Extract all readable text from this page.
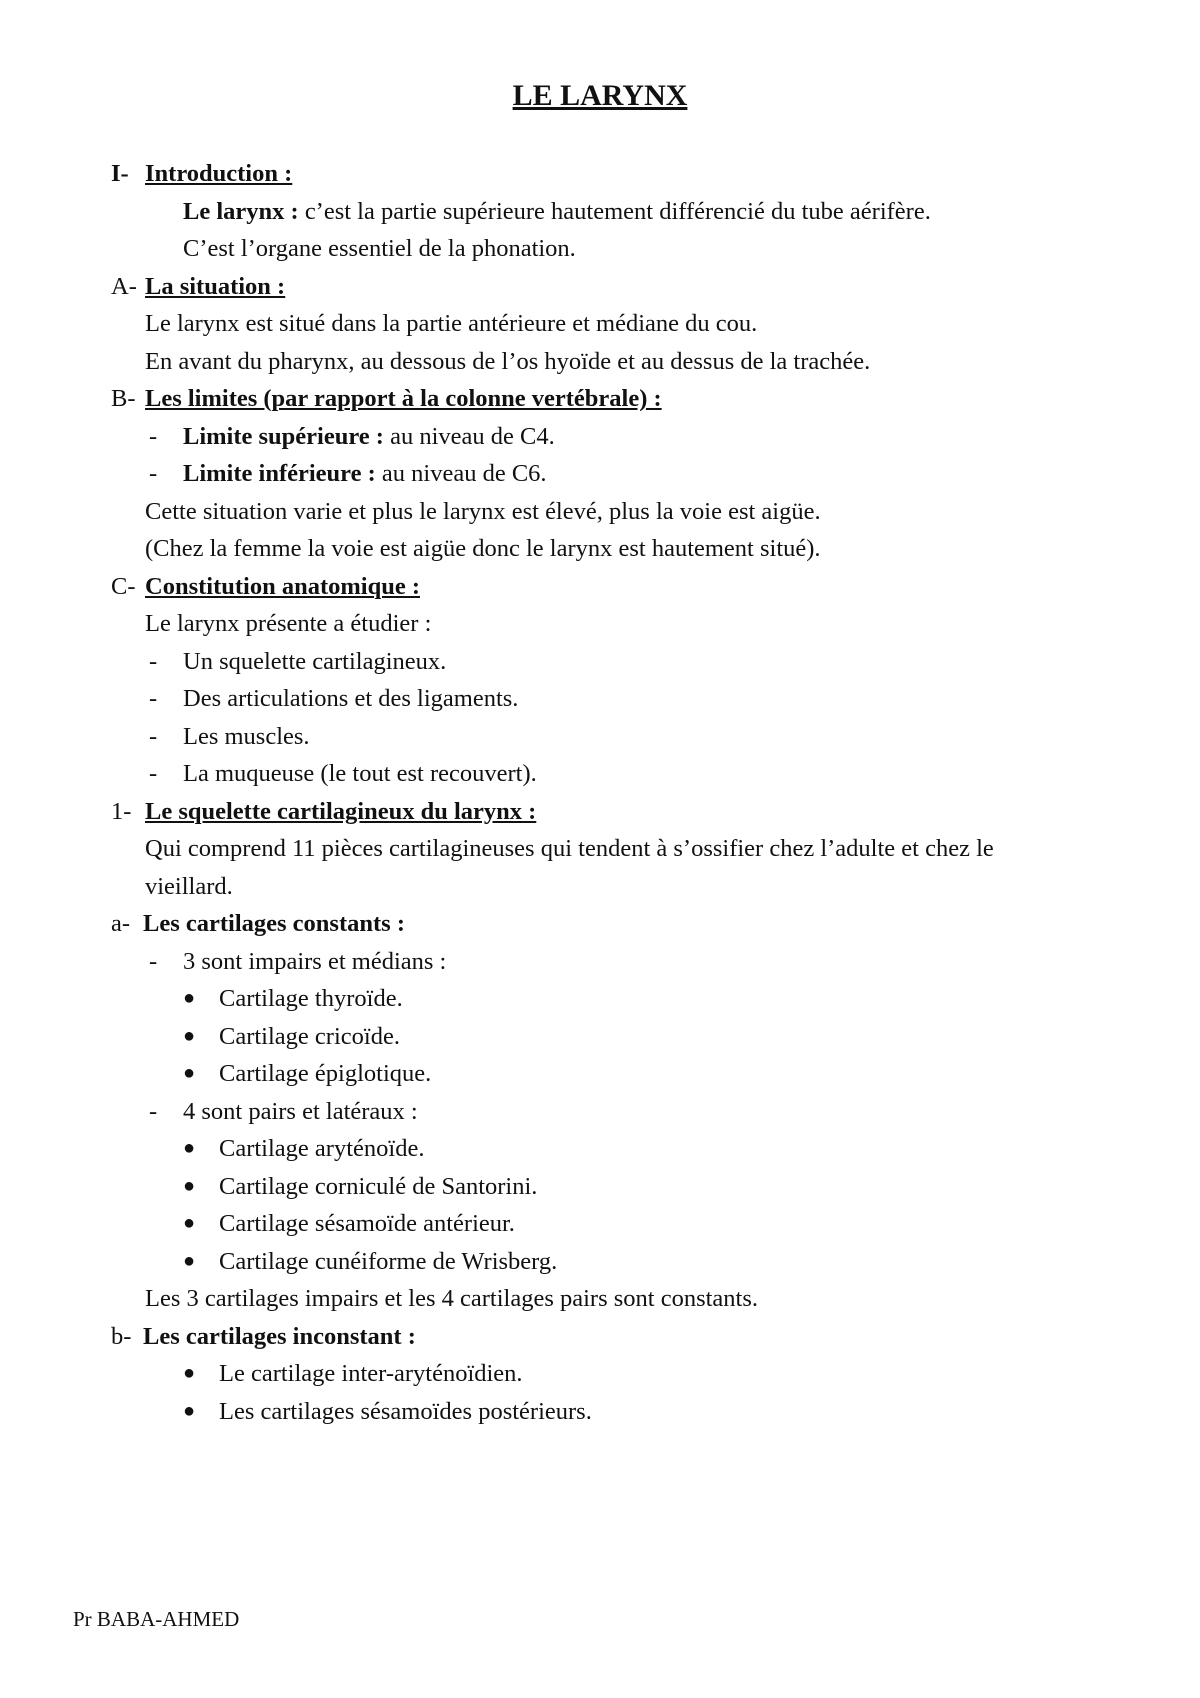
LE LARYNX
I- Introduction :
Le larynx : c’est la partie supérieure hautement différencié du tube aérifère.
C’est l’organe essentiel de la phonation.
A- La situation :
Le larynx est situé dans la partie antérieure et médiane du cou.
En avant du pharynx, au dessous de l’os hyoïde et au dessus de la trachée.
B- Les limites (par rapport à la colonne vertébrale) :
- Limite supérieure : au niveau de C4.
- Limite inférieure : au niveau de C6.
Cette situation varie et plus le larynx est élevé, plus la voie est aigüe.
(Chez la femme la voie est aigüe donc le larynx est hautement situé).
C- Constitution anatomique :
Le larynx présente a étudier :
- Un squelette cartilagineux.
- Des articulations et des ligaments.
- Les muscles.
- La muqueuse (le tout est recouvert).
1- Le squelette cartilagineux du larynx :
Qui comprend 11 pièces cartilagineuses qui tendent à s’ossifier chez l’adulte et chez le
vieillard.
a- Les cartilages constants :
- 3 sont impairs et médians :
● Cartilage thyroïde.
● Cartilage cricoïde.
● Cartilage épiglotique.
- 4 sont pairs et latéraux :
● Cartilage aryténoïde.
● Cartilage corniculé de Santorini.
● Cartilage sésamoïde antérieur.
● Cartilage cunéiforme de Wrisberg.
Les 3 cartilages impairs et les 4 cartilages pairs sont constants.
b- Les cartilages inconstant :
● Le cartilage inter-aryténoïdien.
● Les cartilages sésamoïdes postérieurs.
Pr BABA-AHMED
